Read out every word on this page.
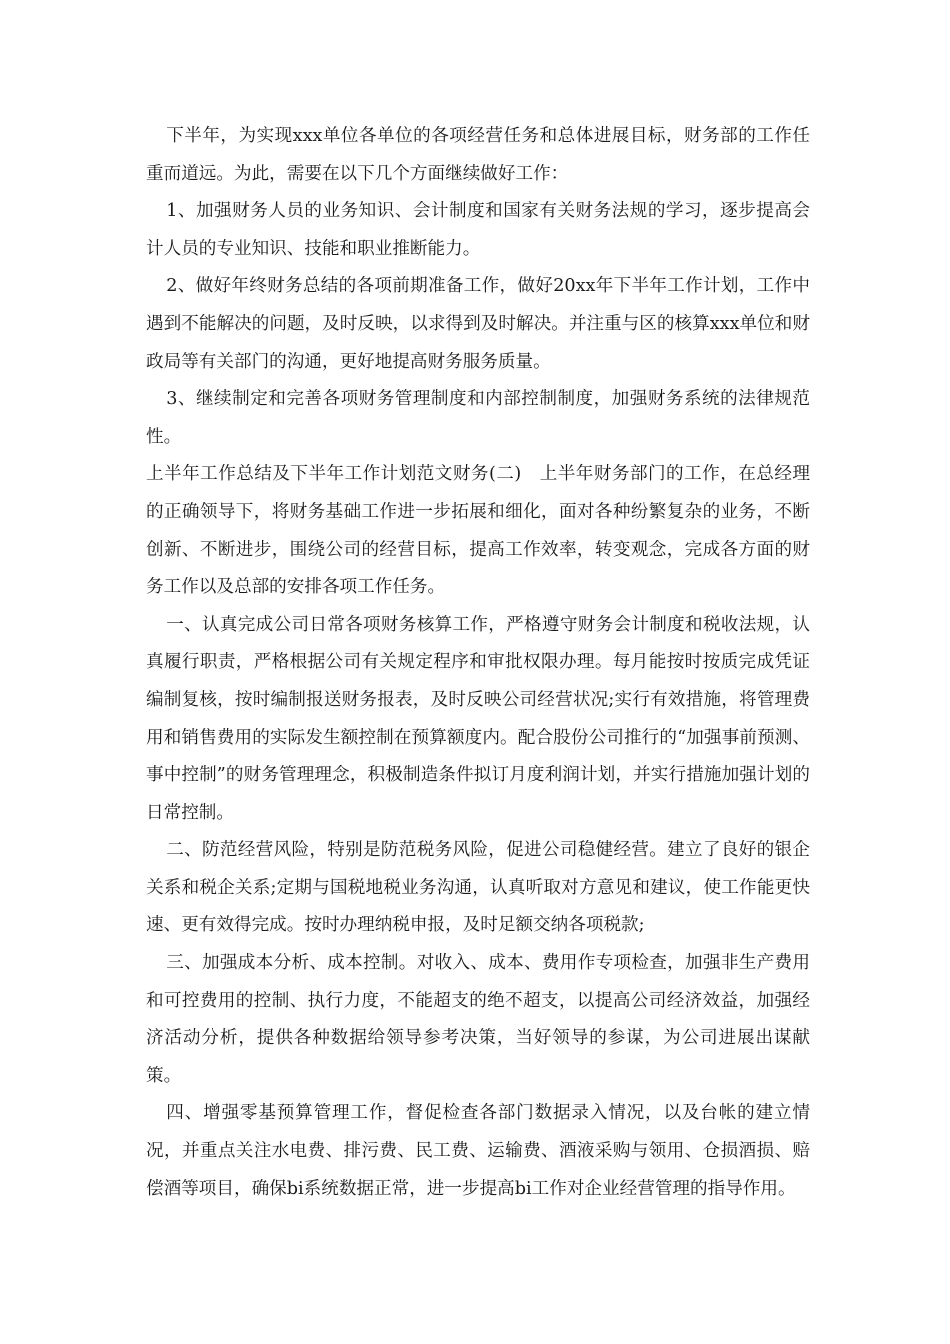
下半年，为实现xxx单位各单位的各项经营任务和总体进展目标，财务部的工作任重而道远。为此，需要在以下几个方面继续做好工作：

1、加强财务人员的业务知识、会计制度和国家有关财务法规的学习，逐步提高会计人员的专业知识、技能和职业推断能力。

2、做好年终财务总结的各项前期准备工作，做好20xx年下半年工作计划，工作中遇到不能解决的问题，及时反映，以求得到及时解决。并注重与区的核算xxx单位和财政局等有关部门的沟通，更好地提高财务服务质量。

3、继续制定和完善各项财务管理制度和内部控制制度，加强财务系统的法律规范性。

上半年工作总结及下半年工作计划范文财务(二)　上半年财务部门的工作，在总经理的正确领导下，将财务基础工作进一步拓展和细化，面对各种纷繁复杂的业务，不断创新、不断进步，围绕公司的经营目标，提高工作效率，转变观念，完成各方面的财务工作以及总部的安排各项工作任务。

一、认真完成公司日常各项财务核算工作，严格遵守财务会计制度和税收法规，认真履行职责，严格根据公司有关规定程序和审批权限办理。每月能按时按质完成凭证编制复核，按时编制报送财务报表，及时反映公司经营状况;实行有效措施，将管理费用和销售费用的实际发生额控制在预算额度内。配合股份公司推行的“加强事前预测、事中控制”的财务管理理念，积极制造条件拟订月度利润计划，并实行措施加强计划的日常控制。

二、防范经营风险，特别是防范税务风险，促进公司稳健经营。建立了良好的银企关系和税企关系;定期与国税地税业务沟通，认真听取对方意见和建议，使工作能更快速、更有效得完成。按时办理纳税申报，及时足额交纳各项税款;

三、加强成本分析、成本控制。对收入、成本、费用作专项检查，加强非生产费用和可控费用的控制、执行力度，不能超支的绝不超支，以提高公司经济效益，加强经济活动分析，提供各种数据给领导参考决策，当好领导的参谋，为公司进展出谋献策。

四、增强零基预算管理工作，督促检查各部门数据录入情况，以及台帐的建立情况，并重点关注水电费、排污费、民工费、运输费、酒液采购与领用、仓损酒损、赔偿酒等项目，确保bi系统数据正常，进一步提高bi工作对企业经营管理的指导作用。
